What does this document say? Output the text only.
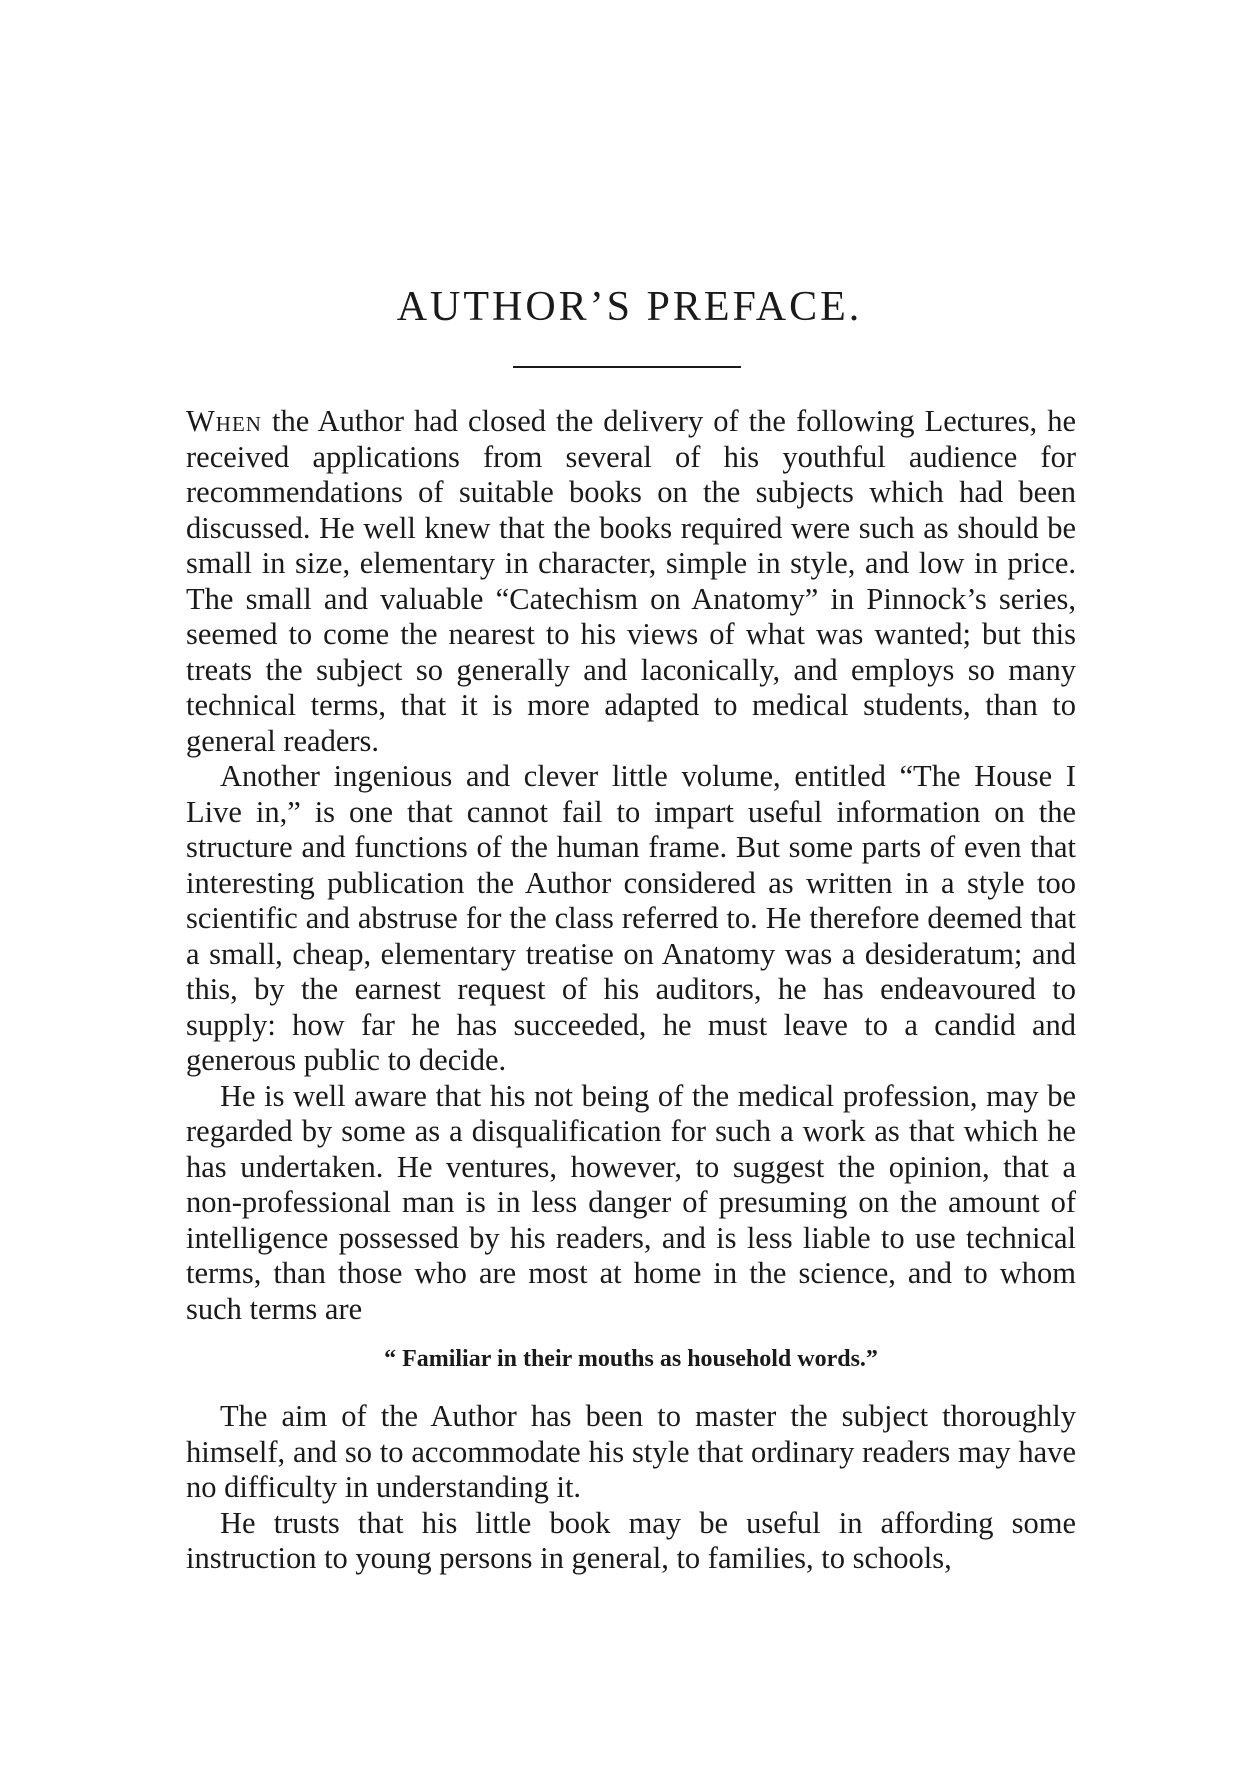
AUTHOR’S PREFACE.

When the Author had closed the delivery of the following Lectures, he received applications from several of his youthful audience for recommendations of suitable books on the subjects which had been discussed. He well knew that the books required were such as should be small in size, elementary in character, simple in style, and low in price. The small and valuable “Catechism on Anatomy” in Pinnock’s series, seemed to come the nearest to his views of what was wanted; but this treats the subject so generally and laconically, and employs so many technical terms, that it is more adapted to medical students, than to general readers.

Another ingenious and clever little volume, entitled “The House I Live in,” is one that cannot fail to impart useful information on the structure and functions of the human frame. But some parts of even that interesting publication the Author considered as written in a style too scientific and abstruse for the class referred to. He therefore deemed that a small, cheap, elementary treatise on Anatomy was a desideratum; and this, by the earnest request of his auditors, he has endeavoured to supply: how far he has succeeded, he must leave to a candid and generous public to decide.

He is well aware that his not being of the medical profession, may be regarded by some as a disqualification for such a work as that which he has undertaken. He ventures, however, to suggest the opinion, that a non-professional man is in less danger of presuming on the amount of intelligence possessed by his readers, and is less liable to use technical terms, than those who are most at home in the science, and to whom such terms are

“ Familiar in their mouths as household words.”

The aim of the Author has been to master the subject thoroughly himself, and so to accommodate his style that ordinary readers may have no difficulty in understanding it.

He trusts that his little book may be useful in affording some instruction to young persons in general, to families, to schools,
